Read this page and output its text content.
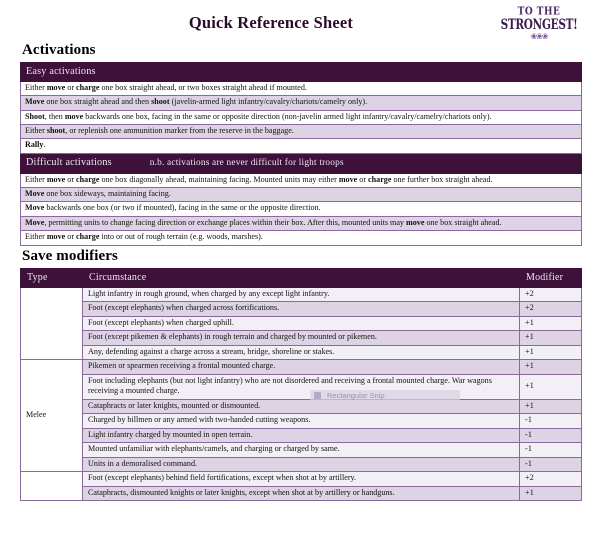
Quick Reference Sheet
TO THE
STRONGEST!
❀❀❀
Activations
Easy activations
Either move or charge one box straight ahead, or two boxes straight ahead if mounted.
Move one box straight ahead and then shoot (javelin-armed light infantry/cavalry/chariots/camelry only).
Shoot, then move backwards one box, facing in the same or opposite direction (non-javelin armed light infantry/cavalry/camelry/chariots only).
Either shoot, or replenish one ammunition marker from the reserve in the baggage.
Rally.
Difficult activations	n.b. activations are never difficult for light troops
Either move or charge one box diagonally ahead, maintaining facing. Mounted units may either move or charge one further box straight ahead.
Move one box sideways, maintaining facing.
Move backwards one box (or two if mounted), facing in the same or the opposite direction.
Move, permitting units to change facing direction or exchange places within their box. After this, mounted units may move one box straight ahead.
Either move or charge into or out of rough terrain (e.g. woods, marshes).
Save modifiers
Type	Circumstance	Modifier
	Light infantry in rough ground, when charged by any except light infantry.	+2
	Foot (except elephants) when charged across fortifications.	+2
	Foot (except elephants) when charged uphill.	+1
	Foot (except pikemen & elephants) in rough terrain and charged by mounted or pikemen.	+1
	Any, defending against a charge across a stream, bridge, shoreline or stakes.	+1
Melee	Pikemen or spearmen receiving a frontal mounted charge.	+1
	Foot including elephants (but not light infantry) who are not disordered and receiving a frontal mounted charge. War wagons receiving a mounted charge.	+1
	Cataphracts or later knights, mounted or dismounted.	+1
	Charged by billmen or any armed with two-handed cutting weapons.	-1
	Light infantry charged by mounted in open terrain.	-1
	Mounted unfamiliar with elephants/camels, and charging or charged by same.	-1
	Units in a demoralised command.	-1
	Foot (except elephants) behind field fortifications, except when shot at by artillery.	+2
	Cataphracts, dismounted knights or later knights, except when shot at by artillery or handguns.	+1
Rectangular Snip
